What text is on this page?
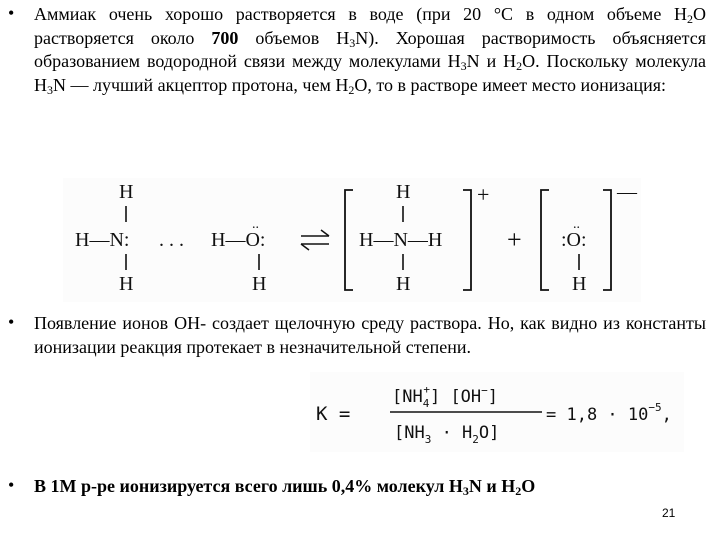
• Аммиак очень хорошо растворяется в воде (при 20 °С в одном объеме $Н_2О$ растворяется около 700 объемов $Н_3N$). Хорошая растворимость объясняется образованием водородной связи между молекулами $Н_3N$ и $Н_2О$. Поскольку молекула $Н_3N$ — лучший акцептор протона, чем $Н_2О$, то в растворе имеет место ионизация:
Н
Н—N: . . . Н—О:
..
Н	Н
Н
Н—N—Н
Н
+
+ :О:
..
Н
—
• Появление ионов ОН- создает щелочную среду раствора. Но, как видно из константы ионизации реакция протекает в незначительной степени.
K =
$[NH_4+]$ [OH−]
$[NH_3 \cdot H_2O]$
= $1,8 \cdot 10^{-5}$,
• В 1М р-ре ионизируется всего лишь 0,4% молекул $Н_3N$ и $Н_2О$
21
